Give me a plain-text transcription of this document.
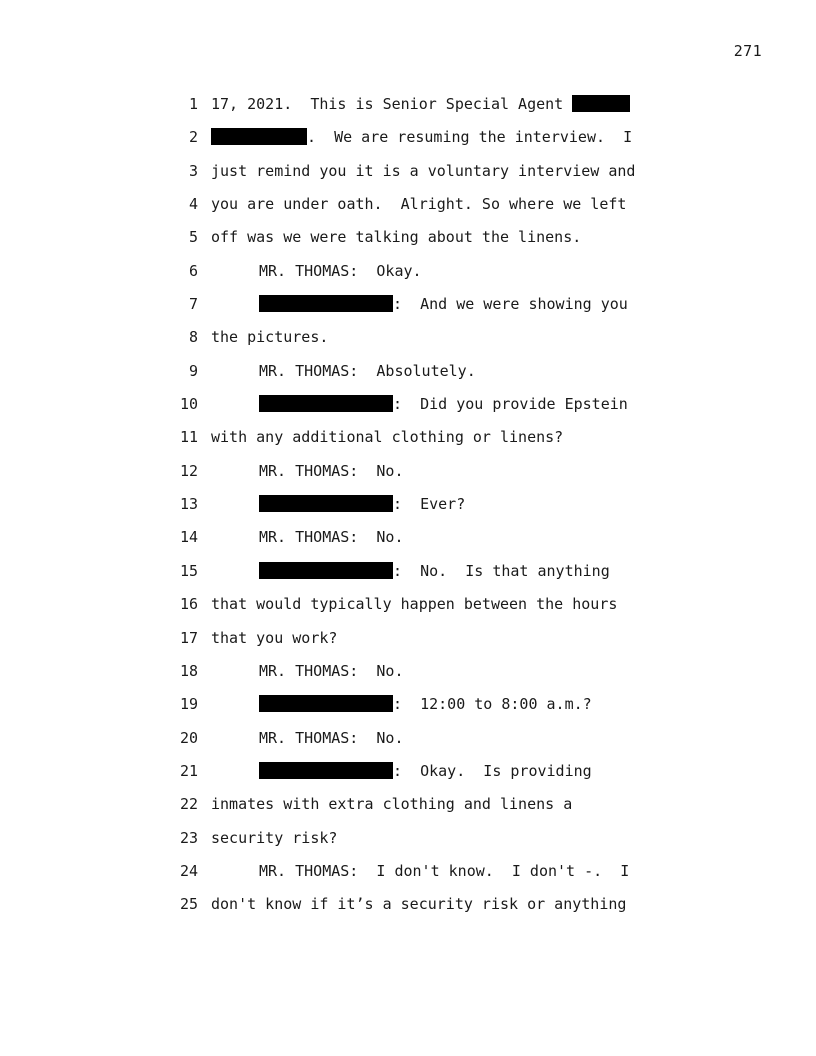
271

1

17, 2021.  This is Senior Special Agent

2

	.  We are resuming the interview.  I

3

just remind you it is a voluntary interview and

4

you are under oath.  Alright. So where we left

5

off was we were talking about the linens.

6

	MR. THOMAS:  Okay.

7

	:  And we were showing you

8

the pictures.

9

	MR. THOMAS:  Absolutely.

10

	:  Did you provide Epstein

11

with any additional clothing or linens?

12

	MR. THOMAS:  No.

13

	:  Ever?

14

	MR. THOMAS:  No.

15

	:  No.  Is that anything

16

that would typically happen between the hours

17

that you work?

18

	MR. THOMAS:  No.

19

	:  12:00 to 8:00 a.m.?

20

	MR. THOMAS:  No.

21

	:  Okay.  Is providing

22

inmates with extra clothing and linens a

23

security risk?

24

	MR. THOMAS:  I don't know.  I don't -.  I

25

don't know if it’s a security risk or anything
